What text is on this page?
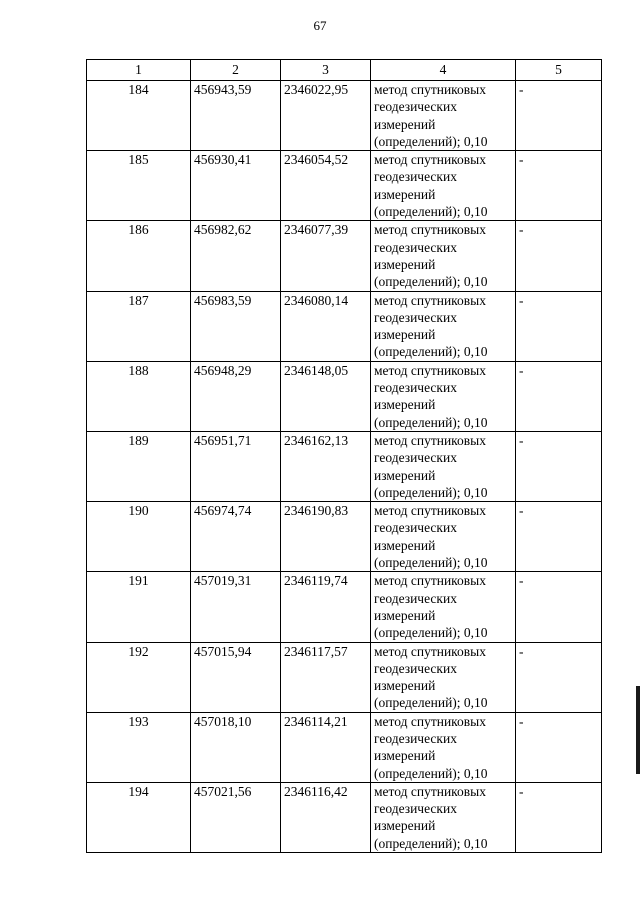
67
1	2	3	4	5
184	456943,59	2346022,95	метод спутниковых
геодезических
измерений
(определений); 0,10	-
185	456930,41	2346054,52	метод спутниковых
геодезических
измерений
(определений); 0,10	-
186	456982,62	2346077,39	метод спутниковых
геодезических
измерений
(определений); 0,10	-
187	456983,59	2346080,14	метод спутниковых
геодезических
измерений
(определений); 0,10	-
188	456948,29	2346148,05	метод спутниковых
геодезических
измерений
(определений); 0,10	-
189	456951,71	2346162,13	метод спутниковых
геодезических
измерений
(определений); 0,10	-
190	456974,74	2346190,83	метод спутниковых
геодезических
измерений
(определений); 0,10	-
191	457019,31	2346119,74	метод спутниковых
геодезических
измерений
(определений); 0,10	-
192	457015,94	2346117,57	метод спутниковых
геодезических
измерений
(определений); 0,10	-
193	457018,10	2346114,21	метод спутниковых
геодезических
измерений
(определений); 0,10	-
194	457021,56	2346116,42	метод спутниковых
геодезических
измерений
(определений); 0,10	-
